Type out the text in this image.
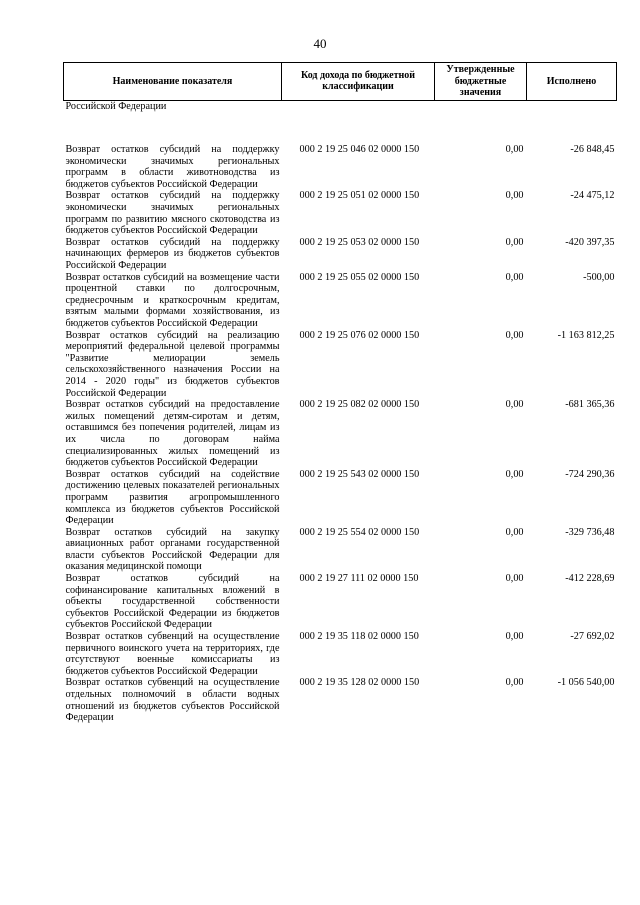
40
Наименование показателя	Код дохода по бюджетной классификации	Утвержденные бюджетные значения	Исполнено
Российской Федерации			
Возврат остатков субсидий на поддержку экономически значимых региональных программ в области животноводства из бюджетов субъектов Российской Федерации	000 2 19 25 046 02 0000 150	0,00	-26 848,45
Возврат остатков субсидий на поддержку экономически значимых региональных программ по развитию мясного скотоводства из бюджетов субъектов Российской Федерации	000 2 19 25 051 02 0000 150	0,00	-24 475,12
Возврат остатков субсидий на поддержку начинающих фермеров из бюджетов субъектов Российской Федерации	000 2 19 25 053 02 0000 150	0,00	-420 397,35
Возврат остатков субсидий на возмещение части процентной ставки по долгосрочным, среднесрочным и краткосрочным кредитам, взятым малыми формами хозяйствования, из бюджетов субъектов Российской Федерации	000 2 19 25 055 02 0000 150	0,00	-500,00
Возврат остатков субсидий на реализацию мероприятий федеральной целевой программы "Развитие мелиорации земель сельскохозяйственного назначения России на 2014 - 2020 годы" из бюджетов субъектов Российской Федерации	000 2 19 25 076 02 0000 150	0,00	-1 163 812,25
Возврат остатков субсидий на предоставление жилых помещений детям-сиротам и детям, оставшимся без попечения родителей, лицам из их числа по договорам найма специализированных жилых помещений из бюджетов субъектов Российской Федерации	000 2 19 25 082 02 0000 150	0,00	-681 365,36
Возврат остатков субсидий на содействие достижению целевых показателей региональных программ развития агропромышленного комплекса из бюджетов субъектов Российской Федерации	000 2 19 25 543 02 0000 150	0,00	-724 290,36
Возврат остатков субсидий на закупку авиационных работ органами государственной власти субъектов Российской Федерации для оказания медицинской помощи	000 2 19 25 554 02 0000 150	0,00	-329 736,48
Возврат остатков субсидий на софинансирование капитальных вложений в объекты государственной собственности субъектов Российской Федерации из бюджетов субъектов Российской Федерации	000 2 19 27 111 02 0000 150	0,00	-412 228,69
Возврат остатков субвенций на осуществление первичного воинского учета на территориях, где отсутствуют военные комиссариаты из бюджетов субъектов Российской Федерации	000 2 19 35 118 02 0000 150	0,00	-27 692,02
Возврат остатков субвенций на осуществление отдельных полномочий в области водных отношений из бюджетов субъектов Российской Федерации	000 2 19 35 128 02 0000 150	0,00	-1 056 540,00
